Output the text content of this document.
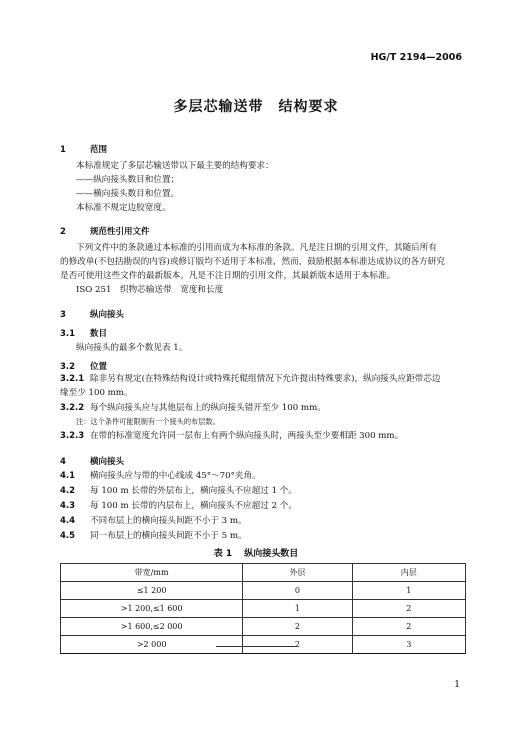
HG/T 2194—2006
多层芯输送带　结构要求
1	范围
本标准规定了多层芯输送带以下最主要的结构要求：
——纵向接头数目和位置；
——横向接头数目和位置。
本标准不规定边胶宽度。
2	规范性引用文件
下列文件中的条款通过本标准的引用而成为本标准的条款。凡是注日期的引用文件，其随后所有
的修改单(不包括勘误的内容)或修订版均不适用于本标准，然而，鼓励根据本标准达成协议的各方研究
是否可使用这些文件的最新版本。凡是不注日期的引用文件，其最新版本适用于本标准。
ISO 251　织物芯输送带　宽度和长度
3	纵向接头
3.1 数目
纵向接头的最多个数见表 1。
3.2 位置
3.2.1 除非另有规定(在特殊结构设计或特殊托辊组情况下允许提出特殊要求)，纵向接头应距带芯边
缘至少 100 mm。
3.2.2 每个纵向接头应与其他层布上的纵向接头错开至少 100 mm。
注：这个条件可能限制有一个接头的布层数。
3.2.3 在带的标准宽度允许同一层布上有两个纵向接头时，两接头至少要相距 300 mm。
4	横向接头
4.1 横向接头应与带的中心线成 45°～70°夹角。
4.2 每 100 m 长带的外层布上，横向接头不应超过 1 个。
4.3 每 100 m 长带的内层布上，横向接头不应超过 2 个。
4.4 不同布层上的横向接头间距不小于 3 m。
4.5 同一布层上的横向接头间距不小于 5 m。
表 1 纵向接头数目
带宽/mm	外层	内层
≤1 200	0	1
>1 200,≤1 600	1	2
>1 600,≤2 000	2	2
>2 000	2	3
1
